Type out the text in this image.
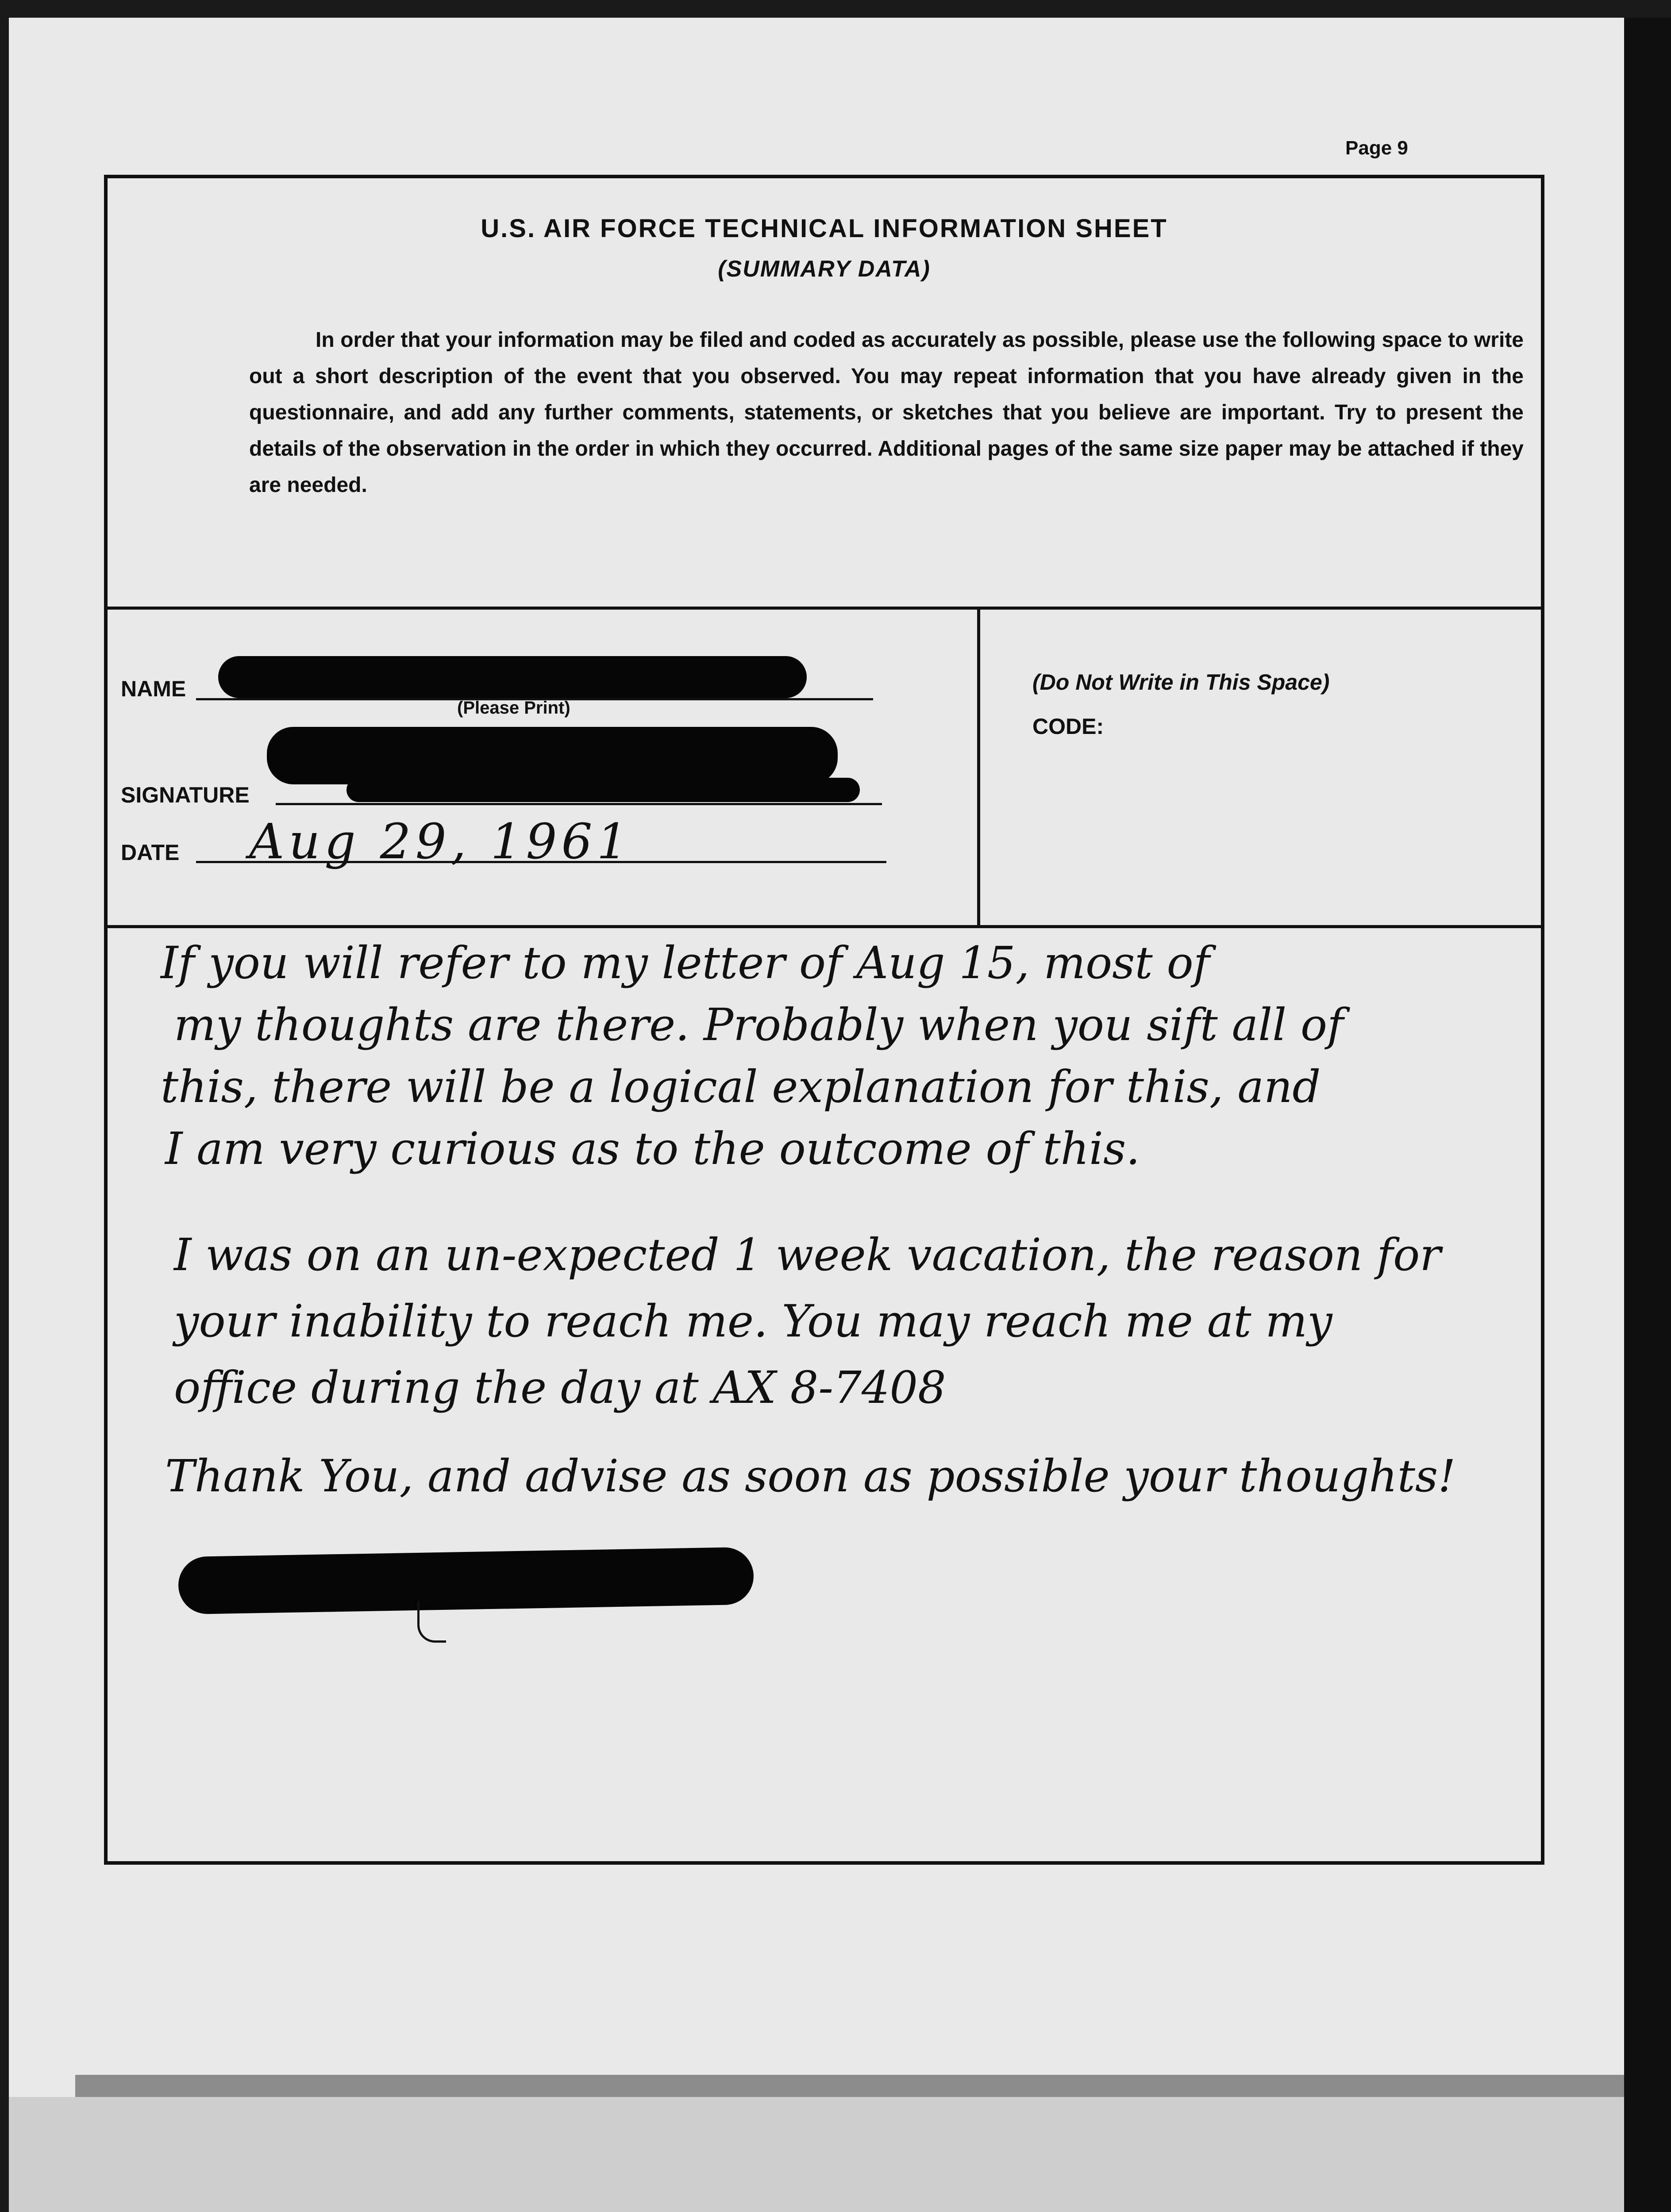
Page 9
U.S. AIR FORCE TECHNICAL INFORMATION SHEET
(SUMMARY DATA)
In order that your information may be filed and coded as accurately as possible, please use the following space to write out a short description of the event that you observed. You may repeat information that you have already given in the questionnaire, and add any further comments, statements, or sketches that you believe are important. Try to present the details of the observation in the order in which they occurred. Additional pages of the same size paper may be attached if they are needed.
NAME
(Please Print)
SIGNATURE
DATE Aug 29, 1961
(Do Not Write in This Space)
CODE:
If you will refer to my letter of Aug 15, most of
my thoughts are there. Probably when you sift all of
this, there will be a logical explanation for this, and
I am very curious as to the outcome of this.
I was on an un-expected 1 week vacation, the reason for
your inability to reach me. You may reach me at my
office during the day at AX 8-7408
Thank You, and advise as soon as possible your thoughts!
